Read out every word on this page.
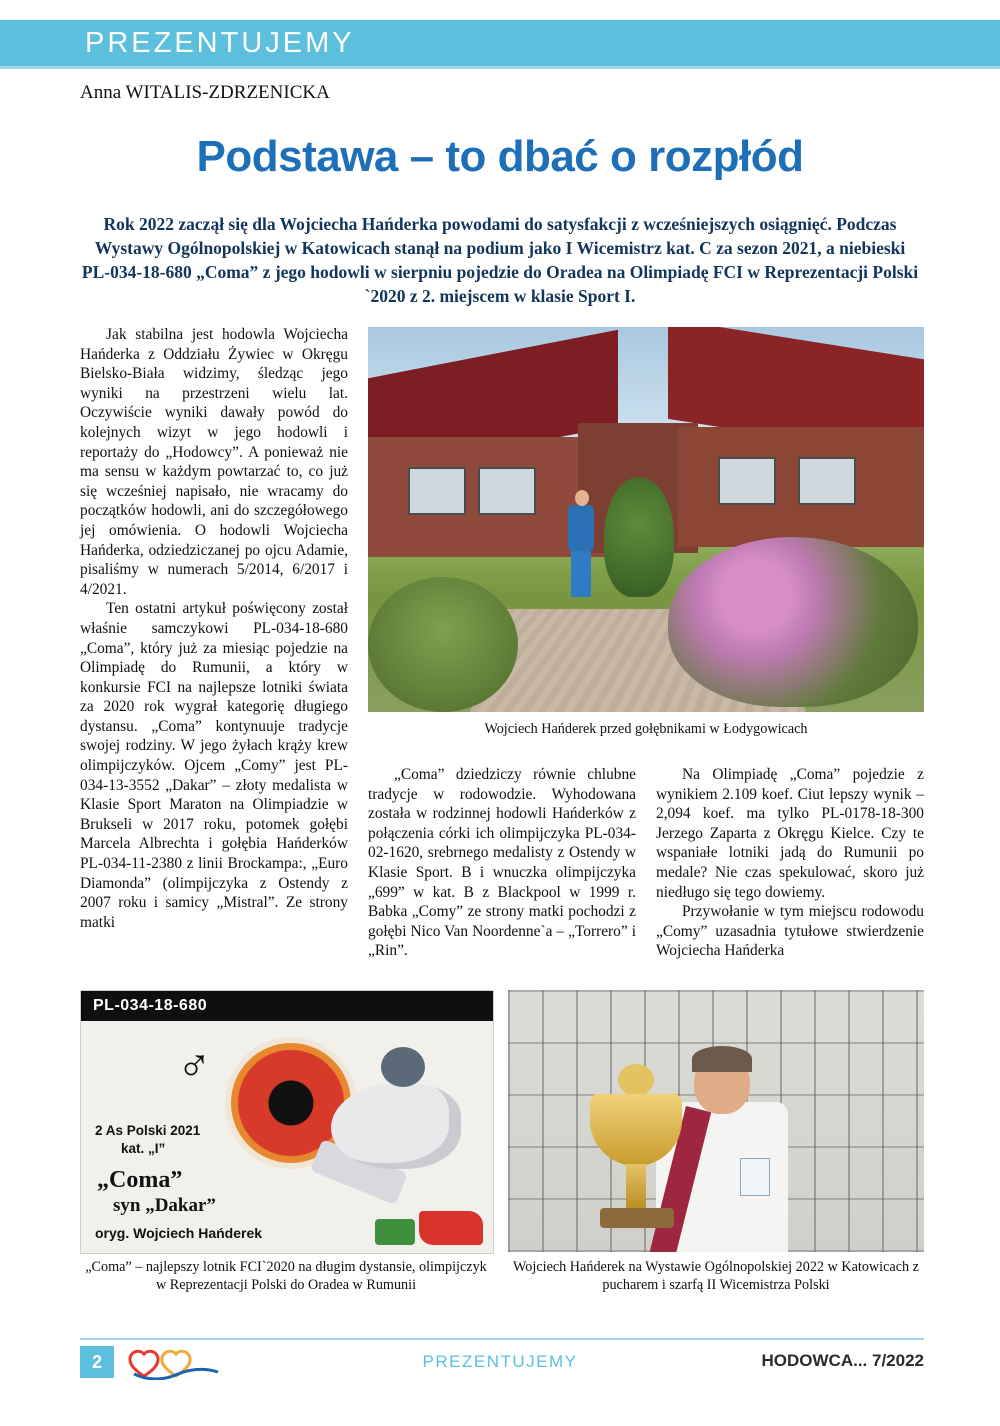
PREZENTUJEMY
Anna WITALIS-ZDRZENICKA
Podstawa – to dbać o rozpłód
Rok 2022 zaczął się dla Wojciecha Hańderka powodami do satysfakcji z wcześniejszych osiągnięć. Podczas Wystawy Ogólnopolskiej w Katowicach stanął na podium jako I Wicemistrz kat. C za sezon 2021, a niebieski PL-034-18-680 „Coma” z jego hodowli w sierpniu pojedzie do Oradea na Olimpiadę FCI w Reprezentacji Polski `2020 z 2. miejscem w klasie Sport I.

Jak stabilna jest hodowla Wojciecha Hańderka z Oddziału Żywiec w Okręgu Bielsko-Biała widzimy, śledząc jego wyniki na przestrzeni wielu lat. Oczywiście wyniki dawały powód do kolejnych wizyt w jego hodowli i reportaży do „Hodowcy”. A ponieważ nie ma sensu w każdym powtarzać to, co już się wcześniej napisało, nie wracamy do początków hodowli, ani do szczegółowego jej omówienia. O hodowli Wojciecha Hańderka, odziedziczanej po ojcu Adamie, pisaliśmy w numerach 5/2014, 6/2017 i 4/2021.

Ten ostatni artykuł poświęcony został właśnie samczykowi PL-034-18-680 „Coma”, który już za miesiąc pojedzie na Olimpiadę do Rumunii, a który w konkursie FCI na najlepsze lotniki świata za 2020 rok wygrał kategorię długiego dystansu. „Coma” kontynuuje tradycje swojej rodziny. W jego żyłach krąży krew olimpijczyków. Ojcem „Comy” jest PL-034-13-3552 „Dakar” – złoty medalista w Klasie Sport Maraton na Olimpiadzie w Brukseli w 2017 roku, potomek gołębi Marcela Albrechta i gołębia Hańderków PL-034-11-2380 z linii Brockampa:, „Euro Diamonda” (olimpijczyka z Ostendy z 2007 roku i samicy „Mistral”. Ze strony matki

Wojciech Hańderek przed gołębnikami w Łodygowicach

„Coma” dziedziczy równie chlubne tradycje w rodowodzie. Wyhodowana została w rodzinnej hodowli Hańderków z połączenia córki ich olimpijczyka PL-034-02-1620, srebrnego medalisty z Ostendy w Klasie Sport. B i wnuczka olimpijczyka „699” w kat. B z Blackpool w 1999 r. Babka „Comy” ze strony matki pochodzi z gołębi Nico Van Noordenne`a – „Torrero” i „Rin”.

Na Olimpiadę „Coma” pojedzie z wynikiem 2.109 koef. Ciut lepszy wynik – 2,094 koef. ma tylko PL-0178-18-300 Jerzego Zaparta z Okręgu Kielce. Czy te wspaniałe lotniki jadą do Rumunii po medale? Nie czas spekulować, skoro już niedługo się tego dowiemy.

Przywołanie w tym miejscu rodowodu „Comy” uzasadnia tytułowe stwierdzenie Wojciecha Hańderka

PL-034-18-680
♂
2 As Polski 2021
kat. „I”
„Coma”
syn „Dakar”
oryg. Wojciech Hańderek
„Coma” – najlepszy lotnik FCI`2020 na długim dystansie, olimpijczyk w Reprezentacji Polski do Oradea w Rumunii
Wojciech Hańderek na Wystawie Ogólnopolskiej 2022 w Katowicach z pucharem i szarfą II Wicemistrza Polski
2	PREZENTUJEMY	HODOWCA... 7/2022
